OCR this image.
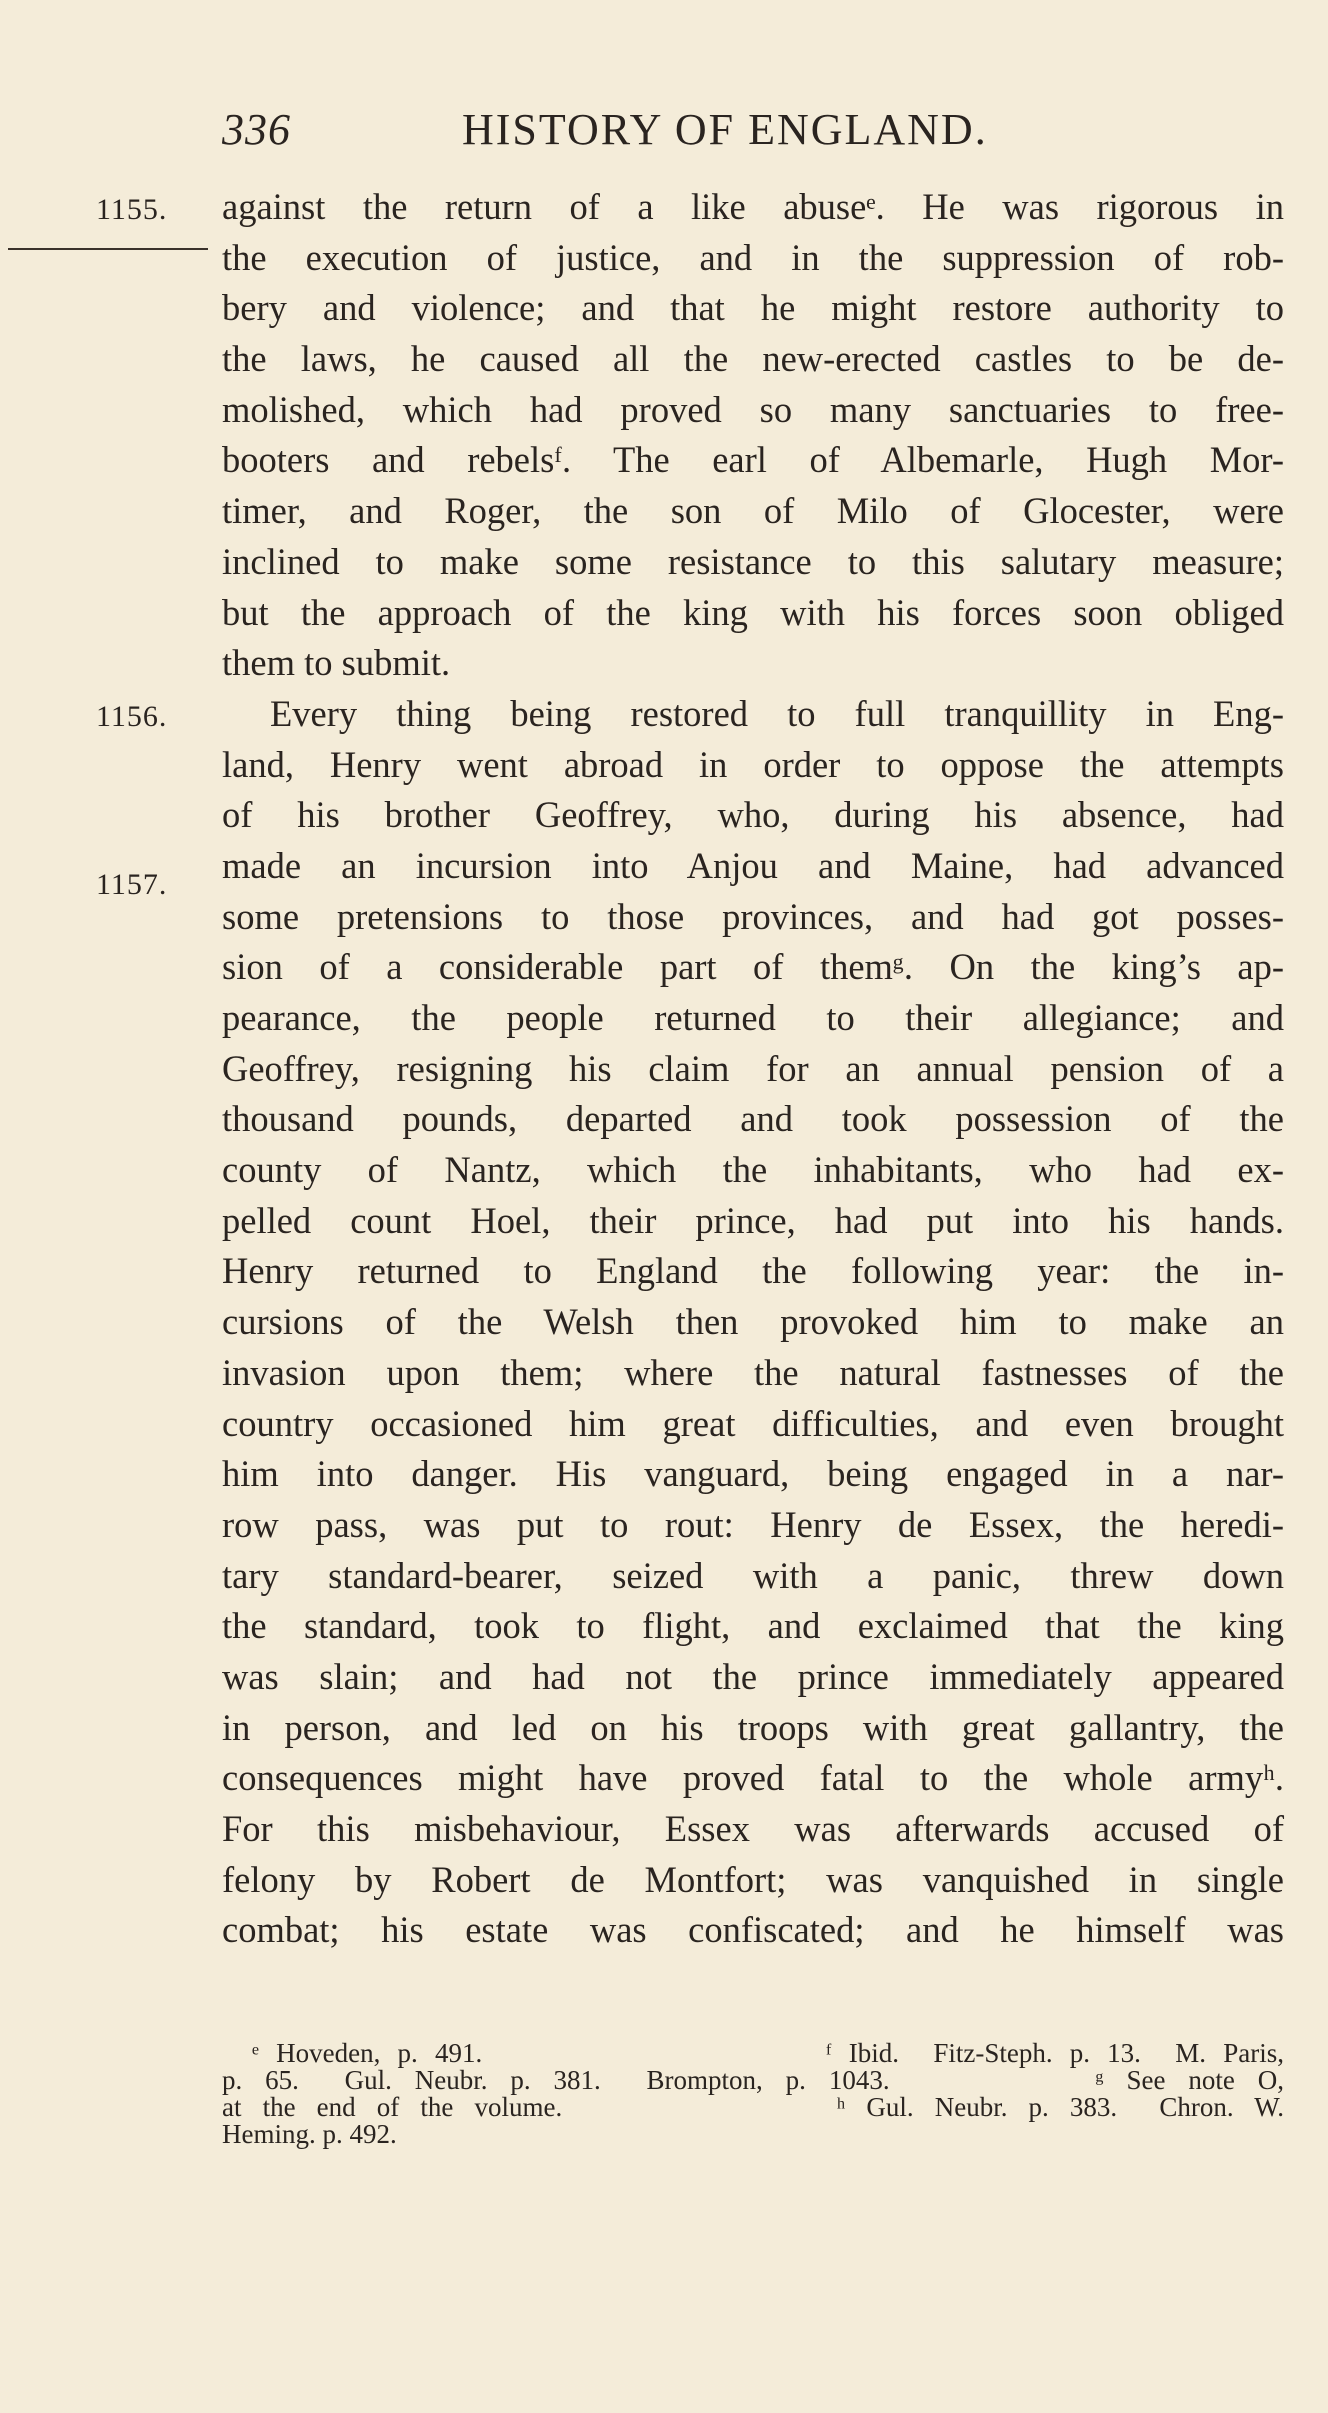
336	HISTORY OF ENGLAND.
1155.
1156.
1157.
against the return of a like abuseᵉ. He was rigorous in
the execution of justice, and in the suppression of rob-
bery and violence; and that he might restore authority to
the laws, he caused all the new-erected castles to be de-
molished, which had proved so many sanctuaries to free-
booters and rebelsᶠ. The earl of Albemarle, Hugh Mor-
timer, and Roger, the son of Milo of Glocester, were
inclined to make some resistance to this salutary measure;
but the approach of the king with his forces soon obliged
them to submit.
Every thing being restored to full tranquillity in Eng-
land, Henry went abroad in order to oppose the attempts
of his brother Geoffrey, who, during his absence, had
made an incursion into Anjou and Maine, had advanced
some pretensions to those provinces, and had got posses-
sion of a considerable part of themᵍ. On the king’s ap-
pearance, the people returned to their allegiance; and
Geoffrey, resigning his claim for an annual pension of a
thousand pounds, departed and took possession of the
county of Nantz, which the inhabitants, who had ex-
pelled count Hoel, their prince, had put into his hands.
Henry returned to England the following year: the in-
cursions of the Welsh then provoked him to make an
invasion upon them; where the natural fastnesses of the
country occasioned him great difficulties, and even brought
him into danger. His vanguard, being engaged in a nar-
row pass, was put to rout: Henry de Essex, the heredi-
tary standard-bearer, seized with a panic, threw down
the standard, took to flight, and exclaimed that the king
was slain; and had not the prince immediately appeared
in person, and led on his troops with great gallantry, the
consequences might have proved fatal to the whole armyʰ.
For this misbehaviour, Essex was afterwards accused of
felony by Robert de Montfort; was vanquished in single
combat; his estate was confiscated; and he himself was
ᵉ Hoveden, p. 491.                    ᶠ Ibid.  Fitz-Steph. p. 13.  M. Paris,
p. 65.  Gul. Neubr. p. 381.  Brompton, p. 1043.         ᵍ See note O,
at the end of the volume.             ʰ Gul. Neubr. p. 383.  Chron. W.
Heming. p. 492.
